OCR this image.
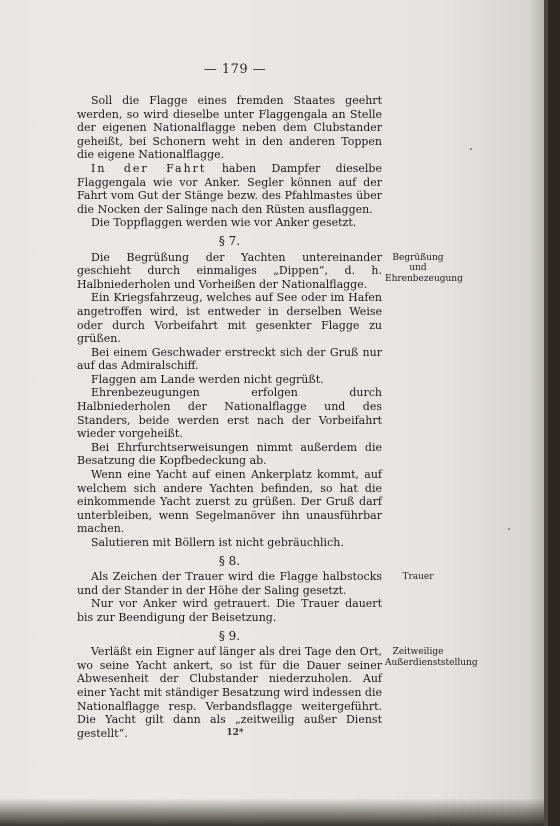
— 179 —

Soll die Flagge eines fremden Staates geehrt werden, so wird dieselbe unter Flaggengala an Stelle der eigenen Nationalflagge neben dem Clubstander geheißt, bei Schonern weht in den anderen Toppen die eigene Nationalflagge.

In der Fahrt haben Dampfer dieselbe Flaggengala wie vor Anker. Segler können auf der Fahrt vom Gut der Stänge bezw. des Pfahlmastes über die Nocken der Salinge nach den Rüsten ausflaggen.

Die Toppflaggen werden wie vor Anker gesetzt.

§ 7.

Die Begrüßung der Yachten untereinander geschieht durch einmaliges „Dippen“, d. h. Halbniederholen und Vorheißen der Nationalflagge.

Ein Kriegsfahrzeug, welches auf See oder im Hafen angetroffen wird, ist entweder in derselben Weise oder durch Vorbeifahrt mit gesenkter Flagge zu grüßen.

Bei einem Geschwader erstreckt sich der Gruß nur auf das Admiralschiff.

Flaggen am Lande werden nicht gegrüßt.

Ehrenbezeugungen erfolgen durch Halbniederholen der Nationalflagge und des Standers, beide werden erst nach der Vorbeifahrt wieder vorgeheißt.

Bei Ehrfurchtserweisungen nimmt außerdem die Besatzung die Kopfbedeckung ab.

Wenn eine Yacht auf einen Ankerplatz kommt, auf welchem sich andere Yachten befinden, so hat die einkommende Yacht zuerst zu grüßen. Der Gruß darf unterbleiben, wenn Segelmanöver ihn unausführbar machen.

Salutieren mit Böllern ist nicht gebräuchlich.

§ 8.

Als Zeichen der Trauer wird die Flagge halbstocks und der Stander in der Höhe der Saling gesetzt.

Nur vor Anker wird getrauert. Die Trauer dauert bis zur Beendigung der Beisetzung.

§ 9.

Verläßt ein Eigner auf länger als drei Tage den Ort, wo seine Yacht ankert, so ist für die Dauer seiner Abwesenheit der Clubstander niederzuholen. Auf einer Yacht mit ständiger Besatzung wird indessen die Nationalflagge resp. Verbandsflagge weitergeführt. Die Yacht gilt dann als „zeitweilig außer Dienst gestellt“.

Begrüßung und Ehrenbezeugung
Trauer
Zeitweilige Außerdienststellung
12*
